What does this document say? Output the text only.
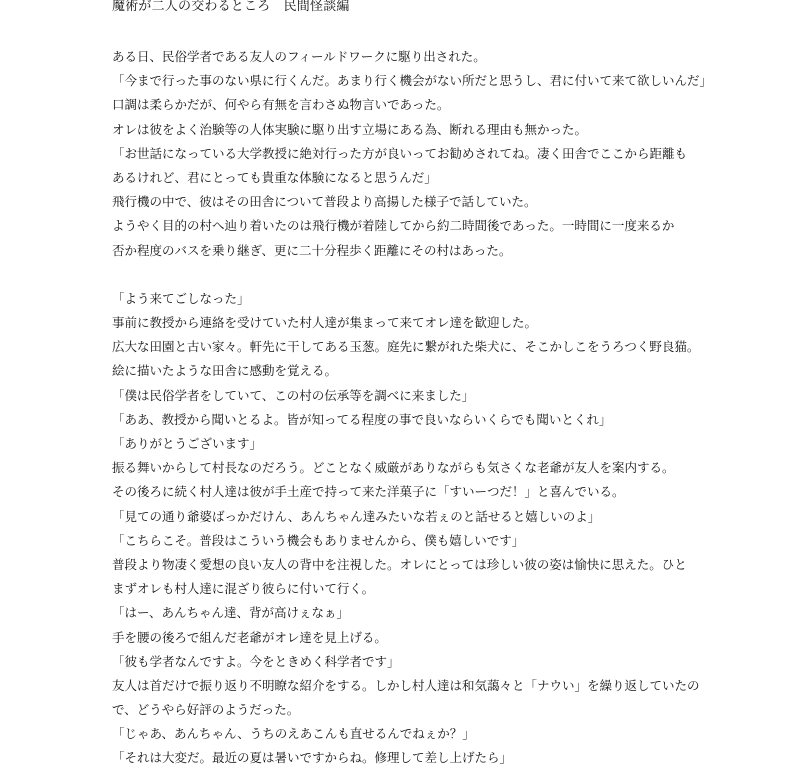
魔術が二人の交わるところ　民間怪談編
ある日、民俗学者である友人のフィールドワークに駆り出された。
「今まで行った事のない県に行くんだ。あまり行く機会がない所だと思うし、君に付いて来て欲しいんだ」
口調は柔らかだが、何やら有無を言わさぬ物言いであった。
オレは彼をよく治験等の人体実験に駆り出す立場にある為、断れる理由も無かった。
「お世話になっている大学教授に絶対行った方が良いってお勧めされてね。凄く田舎でここから距離も
あるけれど、君にとっても貴重な体験になると思うんだ」
飛行機の中で、彼はその田舎について普段より高揚した様子で話していた。
ようやく目的の村へ辿り着いたのは飛行機が着陸してから約二時間後であった。一時間に一度来るか
否か程度のバスを乗り継ぎ、更に二十分程歩く距離にその村はあった。
「よう来てごしなった」
事前に教授から連絡を受けていた村人達が集まって来てオレ達を歓迎した。
広大な田園と古い家々。軒先に干してある玉葱。庭先に繋がれた柴犬に、そこかしこをうろつく野良猫。
絵に描いたような田舎に感動を覚える。
「僕は民俗学者をしていて、この村の伝承等を調べに来ました」
「ああ、教授から聞いとるよ。皆が知ってる程度の事で良いならいくらでも聞いとくれ」
「ありがとうございます」
振る舞いからして村長なのだろう。どことなく威厳がありながらも気さくな老爺が友人を案内する。
その後ろに続く村人達は彼が手土産で持って来た洋菓子に「すいーつだ！」と喜んでいる。
「見ての通り爺婆ばっかだけん、あんちゃん達みたいな若ぇのと話せると嬉しいのよ」
「こちらこそ。普段はこういう機会もありませんから、僕も嬉しいです」
普段より物凄く愛想の良い友人の背中を注視した。オレにとっては珍しい彼の姿は愉快に思えた。ひと
まずオレも村人達に混ざり彼らに付いて行く。
「はー、あんちゃん達、背が高けぇなぁ」
手を腰の後ろで組んだ老爺がオレ達を見上げる。
「彼も学者なんですよ。今をときめく科学者です」
友人は首だけで振り返り不明瞭な紹介をする。しかし村人達は和気藹々と「ナウい」を繰り返していたの
で、どうやら好評のようだった。
「じゃあ、あんちゃん、うちのえあこんも直せるんでねぇか？」
「それは大変だ。最近の夏は暑いですからね。修理して差し上げたら」
